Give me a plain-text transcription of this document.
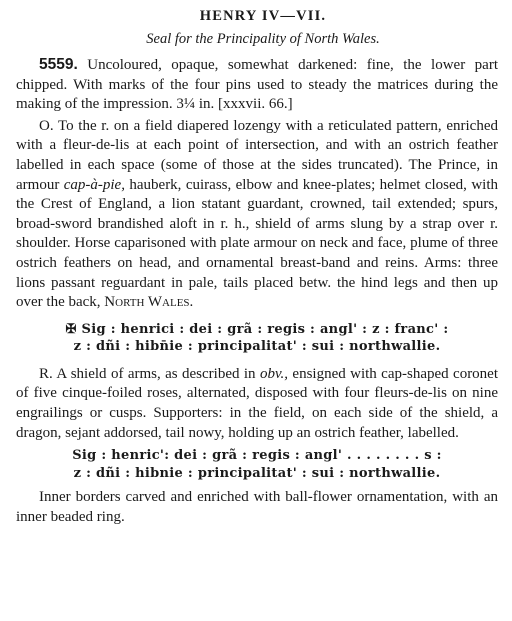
HENRY IV—VII.
Seal for the Principality of North Wales.

5559. Uncoloured, opaque, somewhat darkened: fine, the lower part chipped. With marks of the four pins used to steady the matrices during the making of the impression. 3¼ in. [xxxvii. 66.]

O. To the r. on a field diapered lozengy with a reticulated pattern, enriched with a fleur-de-lis at each point of intersection, and with an ostrich feather labelled in each space (some of those at the sides truncated). The Prince, in armour cap-à-pie, hauberk, cuirass, elbow and knee-plates; helmet closed, with the Crest of England, a lion statant guardant, crowned, tail extended; spurs, broad-sword brandished aloft in r. h., shield of arms slung by a strap over r. shoulder. Horse caparisoned with plate armour on neck and face, plume of three ostrich feathers on head, and ornamental breast-band and reins. Arms: three lions passant reguardant in pale, tails placed betw. the hind legs and then up over the back, North Wales.

✠ Sig : henrici : dei : grã : regis : angl' : z : franc' :
z : dñi : hibn̄ie : principalitat' : sui : northwallie.

R. A shield of arms, as described in obv., ensigned with cap-shaped coronet of five cinque-foiled roses, alternated, disposed with four fleurs-de-lis on nine engrailings or cusps. Supporters: in the field, on each side of the shield, a dragon, sejant addorsed, tail nowy, holding up an ostrich feather, labelled.

Sig : henric': dei : grã : regis : angl' . . . . . . . . s :
z : dñi : hibnie : principalitat' : sui : northwallie.

Inner borders carved and enriched with ball-flower ornamentation, with an inner beaded ring.
